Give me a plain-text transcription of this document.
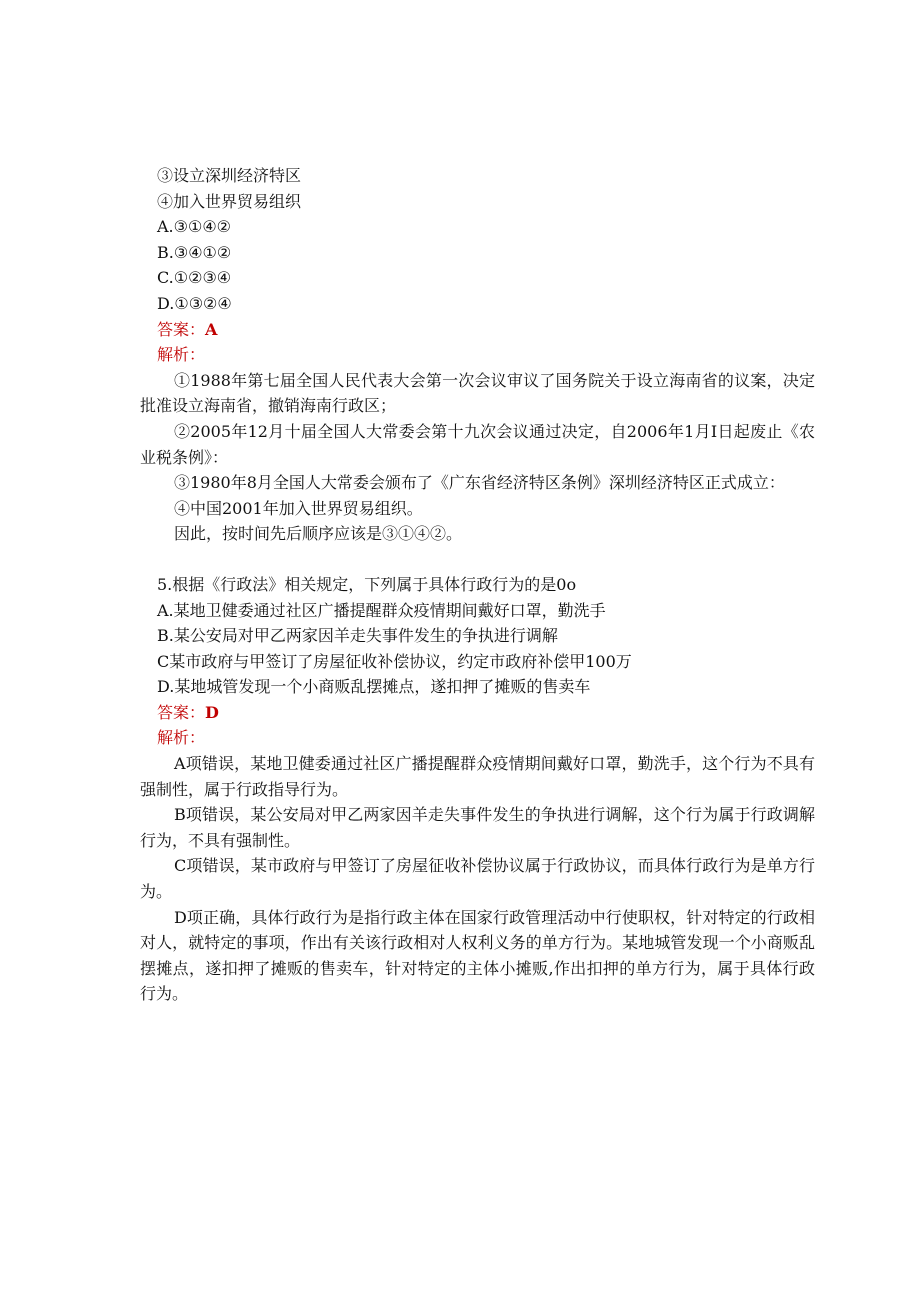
③设立深圳经济特区

④加入世界贸易组织

A.③①④②

B.③④①②

C.①②③④

D.①③②④

答案：A

解析：

①1988年第七届全国人民代表大会第一次会议审议了国务院关于设立海南省的议案，决定批准设立海南省，撤销海南行政区；

②2005年12月十届全国人大常委会第十九次会议通过决定，自2006年1月I日起废止《农业税条例》：

③1980年8月全国人大常委会颁布了《广东省经济特区条例》深圳经济特区正式成立：

④中国2001年加入世界贸易组织。

因此，按时间先后顺序应该是③①④②。

5.根据《行政法》相关规定，下列属于具体行政行为的是0o

A.某地卫健委通过社区广播提醒群众疫情期间戴好口罩，勤洗手

B.某公安局对甲乙两家因羊走失事件发生的争执进行调解

C某市政府与甲签订了房屋征收补偿协议，约定市政府补偿甲100万

D.某地城管发现一个小商贩乱摆摊点，遂扣押了摊贩的售卖车

答案：D

解析：

A项错误，某地卫健委通过社区广播提醒群众疫情期间戴好口罩，勤洗手，这个行为不具有强制性，属于行政指导行为。

B项错误，某公安局对甲乙两家因羊走失事件发生的争执进行调解，这个行为属于行政调解行为，不具有强制性。

C项错误，某市政府与甲签订了房屋征收补偿协议属于行政协议，而具体行政行为是单方行为。

D项正确，具体行政行为是指行政主体在国家行政管理活动中行使职权，针对特定的行政相对人，就特定的事项，作出有关该行政相对人权利义务的单方行为。某地城管发现一个小商贩乱摆摊点，遂扣押了摊贩的售卖车，针对特定的主体小摊贩,作出扣押的单方行为，属于具体行政行为。
